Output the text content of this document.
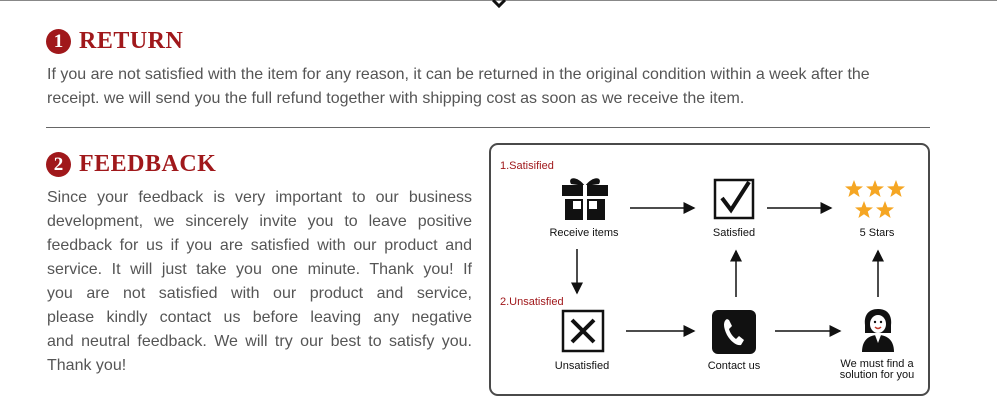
1 RETURN
If you are not satisfied with the item for any reason, it can be returned in the original condition within a week after the
receipt. we will send you the full refund together with shipping cost as soon as we receive the item.
2 FEEDBACK
Since your feedback is very important to our business
development, we sincerely invite you to leave positive
feedback for us if you are satisfied with our product and
service. It will just take you one minute. Thank you! If
you are not satisfied with our product and service,
please kindly contact us before leaving any negative
and neutral feedback. We will try our best to satisfy you.
Thank you!
1.Satisified
2.Unsatisfied
Receive items	Satisfied	5 Stars
Unsatisfied	Contact us	We must find a
solution for you
